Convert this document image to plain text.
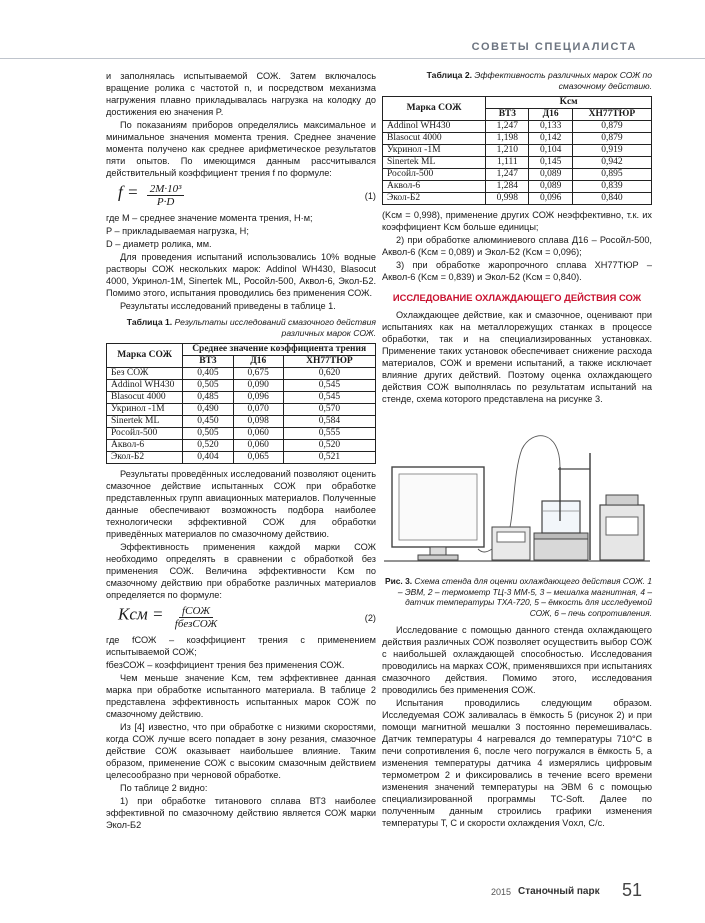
СОВЕТЫ СПЕЦИАЛИСТА

и заполнялась испытываемой СОЖ. Затем включалось вращение ролика с частотой n, и посредством механизма нагружения плавно прикладывалась нагрузка на колодку до достижения ею значения P.

По показаниям приборов определялись максимальное и минимальное значения момента трения. Среднее значение момента получено как среднее арифметическое результатов пяти опытов. По имеющимся данным рассчитывался действительный коэффициент трения f по формуле:

$f = \frac{\text{2M·10³}}{P\cdot D}$	(1)

где M – среднее значение момента трения, Н·м;

P – прикладываемая нагрузка, Н;

D – диаметр ролика, мм.

Для проведения испытаний использовались 10% водные растворы СОЖ нескольких марок: Addinol WH430, Blasocut 4000, Укринол-1М, Sinertek ML, Росойл-500, Аквол-6, Экол-Б2. Помимо этого, испытания проводились без применения СОЖ.

Результаты исследований приведены в таблице 1.

Таблица 1. Результаты исследований смазочного действия различных марок СОЖ.
Марка СОЖ	Среднее значение коэффициента трения		
	ВТ3	Д16	ХН77ТЮР
Без СОЖ	0,405	0,675	0,620
Addinol WH430	0,505	0,090	0,545
Blasocut 4000	0,485	0,096	0,545
Укринол -1М	0,490	0,070	0,570
Sinertek ML	0,450	0,098	0,584
Росойл-500	0,505	0,060	0,555
Аквол-6	0,520	0,060	0,520
Экол-Б2	0,404	0,065	0,521

Результаты проведённых исследований позволяют оценить смазочное действие испытанных СОЖ при обработке представленных групп авиационных материалов. Полученные данные обеспечивают возможность подбора наиболее технологически эффективной СОЖ для обработки приведённых материалов по смазочному действию.

Эффективность применения каждой марки СОЖ необходимо определять в сравнении с обработкой без применения СОЖ. Величина эффективности Kсм по смазочному действию при обработке различных материалов определяется по формуле:

Kсм = $\frac{\text{fСОЖ}}{\text{fбезСОЖ}}$	(2)

где fСОЖ – коэффициент трения с применением испытываемой СОЖ;

fбезСОЖ – коэффициент трения без применения СОЖ.

Чем меньше значение Kсм, тем эффективнее данная марка при обработке испытанного материала. В таблице 2 представлена эффективность испытанных марок СОЖ по смазочному действию.

Из [4] известно, что при обработке с низкими скоростями, когда СОЖ лучше всего попадает в зону резания, смазочное действие СОЖ оказывает наибольшее влияние. Таким образом, применение СОЖ с высоким смазочным действием целесообразно при черновой обработке.

По таблице 2 видно:

1) при обработке титанового сплава ВТ3 наиболее эффективной по смазочному действию является СОЖ марки Экол-Б2

Таблица 2. Эффективность различных марок СОЖ по смазочному действию.
Марка СОЖ	Kсм		
	ВТ3	Д16	ХН77ТЮР
Addinol WH430	1,247	0,133	0,879
Blasocut 4000	1,198	0,142	0,879
Укринол -1М	1,210	0,104	0,919
Sinertek ML	1,111	0,145	0,942
Росойл-500	1,247	0,089	0,895
Аквол-6	1,284	0,089	0,839
Экол-Б2	0,998	0,096	0,840

(Kсм = 0,998), применение других СОЖ неэффективно, т.к. их коэффициент Kсм больше единицы;

2) при обработке алюминиевого сплава Д16 – Росойл-500, Аквол-6 (Kсм = 0,089) и Экол-Б2 (Kсм = 0,096);

3) при обработке жаропрочного сплава ХН77ТЮР – Аквол-6 (Kсм = 0,839) и Экол-Б2 (Kсм = 0,840).

ИССЛЕДОВАНИЕ ОХЛАЖДАЮЩЕГО ДЕЙСТВИЯ СОЖ

Охлаждающее действие, как и смазочное, оценивают при испытаниях как на металлорежущих станках в процессе обработки, так и на специализированных установках. Применение таких установок обеспечивает снижение расхода материалов, СОЖ и времени испытаний, а также исключает влияние других действий. Поэтому оценка охлаждающего действия СОЖ выполнялась по результатам испытаний на стенде, схема которого представлена на рисунке 3.

Рис. 3. Схема стенда для оценки охлаждающего действия СОЖ. 1 – ЭВМ, 2 – термометр ТЦ-3 ММ-5, 3 – мешалка магнитная, 4 – датчик температуры ТХА-720, 5 – ёмкость для исследуемой СОЖ, 6 – печь сопротивления.

Исследование с помощью данного стенда охлаждающего действия различных СОЖ позволяет осуществить выбор СОЖ с наибольшей охлаждающей способностью. Исследования проводились на марках СОЖ, применявшихся при испытаниях смазочного действия. Помимо этого, исследования проводились без применения СОЖ.

Испытания проводились следующим образом. Исследуемая СОЖ заливалась в ёмкость 5 (рисунок 2) и при помощи магнитной мешалки 3 постоянно перемешивалась. Датчик температуры 4 нагревался до температуры 710°С в печи сопротивления 6, после чего погружался в ёмкость 5, а изменения температуры датчика 4 измерялись цифровым термометром 2 и фиксировались в течение всего времени изменения значений температуры на ЭВМ 6 с помощью специализированной программы TC-Soft. Далее по полученным данным строились графики изменения температуры T, С и скорости охлаждения Vохл, С/с.

2015 Станочный парк 51
